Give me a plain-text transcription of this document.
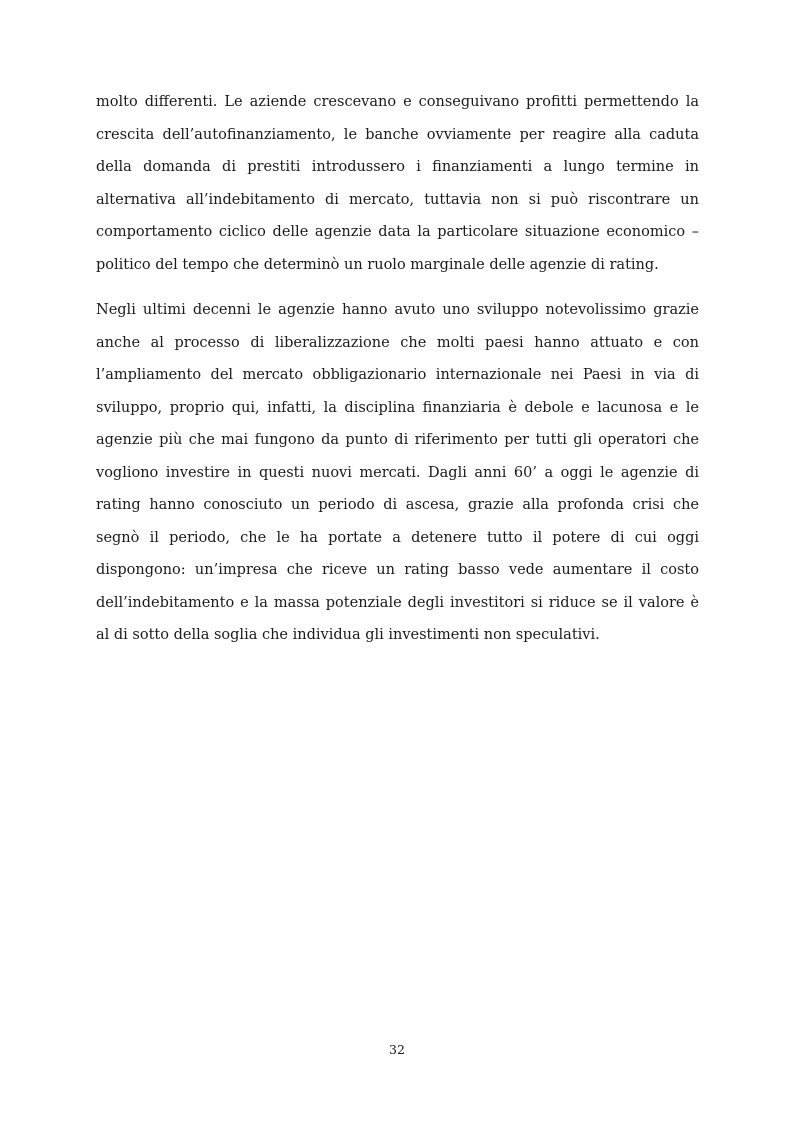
molto differenti. Le aziende crescevano e conseguivano profitti permettendo la crescita dell’autofinanziamento, le banche ovviamente per reagire alla caduta della domanda di prestiti introdussero i finanziamenti a lungo termine in alternativa all’indebitamento di mercato, tuttavia non si può riscontrare un comportamento ciclico delle agenzie data la particolare situazione economico – politico del tempo che determinò un ruolo marginale delle agenzie di rating.

Negli ultimi decenni le agenzie hanno avuto uno sviluppo notevolissimo grazie anche al processo di liberalizzazione che molti paesi hanno attuato e con l’ampliamento del mercato obbligazionario internazionale nei Paesi in via di sviluppo, proprio qui, infatti, la disciplina finanziaria è debole e lacunosa e le agenzie più che mai fungono da punto di riferimento per tutti gli operatori che vogliono investire in questi nuovi mercati. Dagli anni 60’ a oggi le agenzie di rating hanno conosciuto un periodo di ascesa, grazie alla profonda crisi che segnò il periodo, che le ha portate a detenere tutto il potere di cui oggi dispongono: un’impresa che riceve un rating basso vede aumentare il costo dell’indebitamento e la massa potenziale degli investitori si riduce se il valore è al di sotto della soglia che individua gli investimenti non speculativi.

32
